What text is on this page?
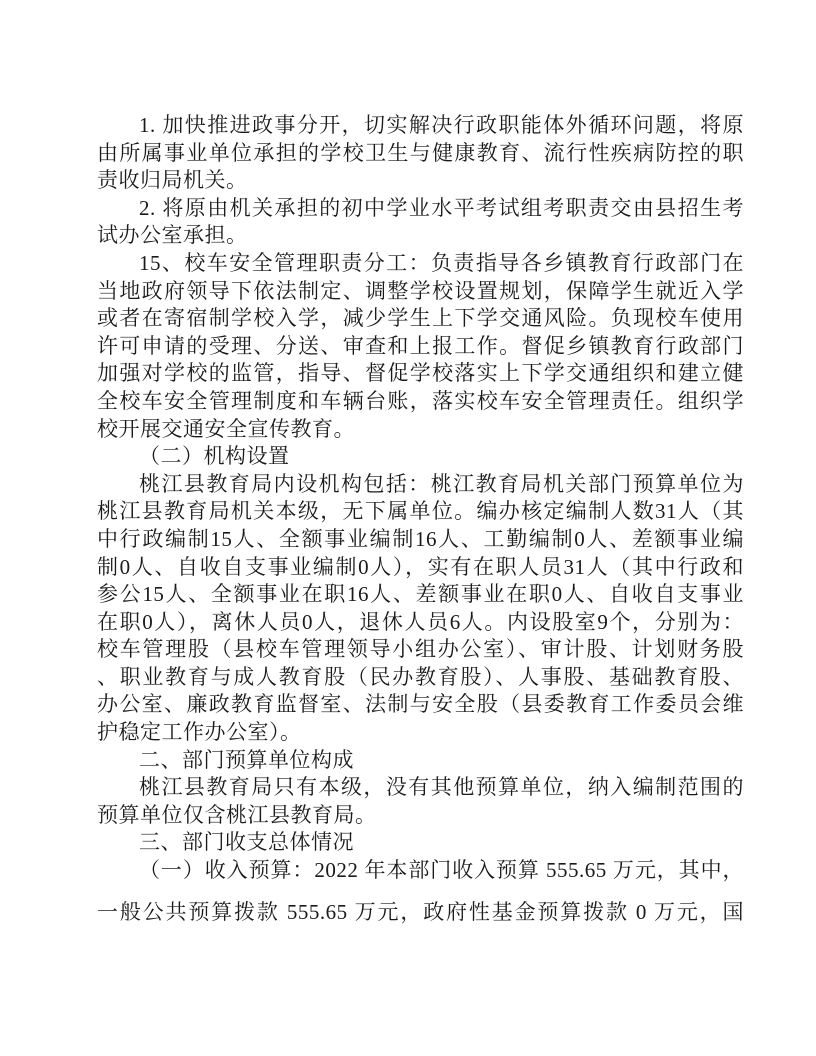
1. 加快推进政事分开，切实解决行政职能体外循环问题，将原
由所属事业单位承担的学校卫生与健康教育、流行性疾病防控的职
责收归局机关。
2. 将原由机关承担的初中学业水平考试组考职责交由县招生考
试办公室承担。
15、校车安全管理职责分工：负责指导各乡镇教育行政部门在
当地政府领导下依法制定、调整学校设置规划，保障学生就近入学
或者在寄宿制学校入学，减少学生上下学交通风险。负现校车使用
许可申请的受理、分送、审查和上报工作。督促乡镇教育行政部门
加强对学校的监管，指导、督促学校落实上下学交通组织和建立健
全校车安全管理制度和车辆台账，落实校车安全管理责任。组织学
校开展交通安全宣传教育。
（二）机构设置
桃江县教育局内设机构包括：桃江教育局机关部门预算单位为
桃江县教育局机关本级，无下属单位。编办核定编制人数31人（其
中行政编制15人、全额事业编制16人、工勤编制0人、差额事业编
制0人、自收自支事业编制0人），实有在职人员31人（其中行政和
参公15人、全额事业在职16人、差额事业在职0人、自收自支事业
在职0人），离休人员0人，退休人员6人。内设股室9个，分别为：
校车管理股（县校车管理领导小组办公室）、审计股、计划财务股
、职业教育与成人教育股（民办教育股）、人事股、基础教育股、
办公室、廉政教育监督室、法制与安全股（县委教育工作委员会维
护稳定工作办公室）。
二、部门预算单位构成
桃江县教育局只有本级，没有其他预算单位，纳入编制范围的
预算单位仅含桃江县教育局。
三、部门收支总体情况
（一）收入预算：2022 年本部门收入预算 555.65 万元，其中，
一般公共预算拨款 555.65 万元，政府性基金预算拨款 0 万元，国
